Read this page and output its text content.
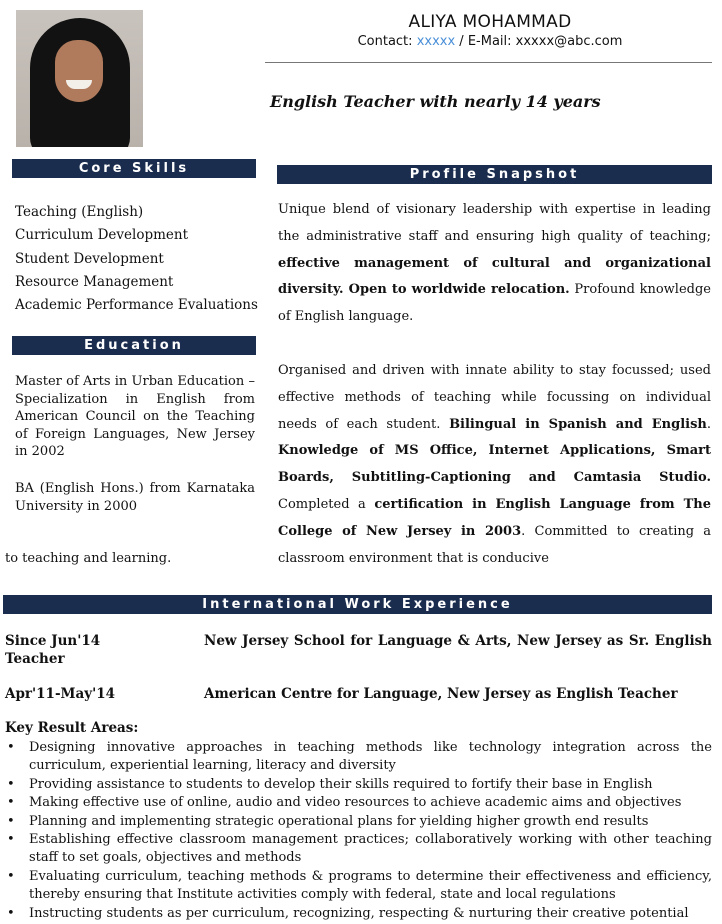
ALIYA MOHAMMAD
Contact: xxxxx / E-Mail: xxxxx@abc.com
English Teacher with nearly 14 years
Core Skills
Teaching (English)
Curriculum Development
Student Development
Resource Management
Academic Performance Evaluations
Education
Master of Arts in Urban Education – Specialization in English from American Council on the Teaching of Foreign Languages, New Jersey in 2002
BA (English Hons.) from Karnataka University in 2000
Profile Snapshot
Unique blend of visionary leadership with expertise in leading the administrative staff and ensuring high quality of teaching; effective management of cultural and organizational diversity. Open to worldwide relocation. Profound knowledge of English language.
Organised and driven with innate ability to stay focussed; used effective methods of teaching while focussing on individual needs of each student. Bilingual in Spanish and English. Knowledge of MS Office, Internet Applications, Smart Boards, Subtitling-Captioning and Camtasia Studio. Completed a certification in English Language from The College of New Jersey in 2003. Committed to creating a classroom environment that is conducive
to teaching and learning.
International Work Experience
Since Jun'14	New Jersey School for Language & Arts, New Jersey as Sr. English
Teacher
Apr'11-May'14	American Centre for Language, New Jersey as English Teacher
Key Result Areas:
• Designing innovative approaches in teaching methods like technology integration across the curriculum, experiential learning, literacy and diversity
• Providing assistance to students to develop their skills required to fortify their base in English
• Making effective use of online, audio and video resources to achieve academic aims and objectives
• Planning and implementing strategic operational plans for yielding higher growth end results
• Establishing effective classroom management practices; collaboratively working with other teaching staff to set goals, objectives and methods
• Evaluating curriculum, teaching methods & programs to determine their effectiveness and efficiency, thereby ensuring that Institute activities comply with federal, state and local regulations
• Instructing students as per curriculum, recognizing, respecting & nurturing their creative potential
